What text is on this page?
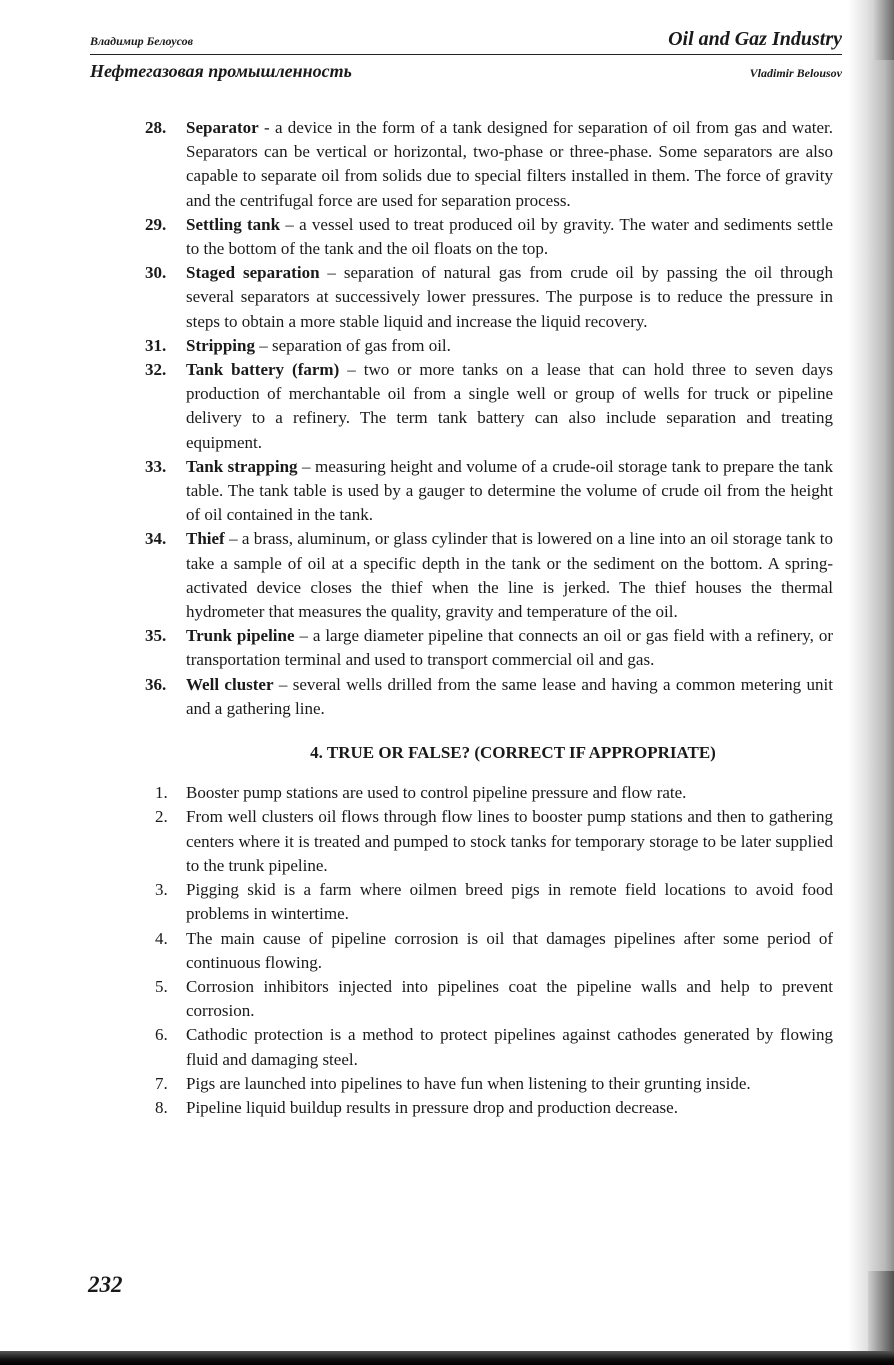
Владимир Белоусов	Oil and Gaz Industry
Нефтегазовая промышленность	Vladimir Belousov
28. Separator - a device in the form of a tank designed for separation of oil from gas and water. Separators can be vertical or horizontal, two-phase or three-phase. Some separators are also capable to separate oil from solids due to special filters installed in them. The force of gravity and the centrifugal force are used for separation process.
29. Settling tank – a vessel used to treat produced oil by gravity. The water and sediments settle to the bottom of the tank and the oil floats on the top.
30. Staged separation – separation of natural gas from crude oil by passing the oil through several separators at successively lower pressures. The purpose is to reduce the pressure in steps to obtain a more stable liquid and increase the liquid recovery.
31. Stripping – separation of gas from oil.
32. Tank battery (farm) – two or more tanks on a lease that can hold three to seven days production of merchantable oil from a single well or group of wells for truck or pipeline delivery to a refinery. The term tank battery can also include separation and treating equipment.
33. Tank strapping – measuring height and volume of a crude-oil storage tank to prepare the tank table. The tank table is used by a gauger to determine the volume of crude oil from the height of oil contained in the tank.
34. Thief – a brass, aluminum, or glass cylinder that is lowered on a line into an oil storage tank to take a sample of oil at a specific depth in the tank or the sediment on the bottom. A spring-activated device closes the thief when the line is jerked. The thief houses the thermal hydrometer that measures the quality, gravity and temperature of the oil.
35. Trunk pipeline – a large diameter pipeline that connects an oil or gas field with a refinery, or transportation terminal and used to transport commercial oil and gas.
36. Well cluster – several wells drilled from the same lease and having a common metering unit and a gathering line.
4. TRUE OR FALSE? (CORRECT IF APPROPRIATE)
1. Booster pump stations are used to control pipeline pressure and flow rate.
2. From well clusters oil flows through flow lines to booster pump stations and then to gathering centers where it is treated and pumped to stock tanks for temporary storage to be later supplied to the trunk pipeline.
3. Pigging skid is a farm where oilmen breed pigs in remote field locations to avoid food problems in wintertime.
4. The main cause of pipeline corrosion is oil that damages pipelines after some period of continuous flowing.
5. Corrosion inhibitors injected into pipelines coat the pipeline walls and help to prevent corrosion.
6. Cathodic protection is a method to protect pipelines against cathodes generated by flowing fluid and damaging steel.
7. Pigs are launched into pipelines to have fun when listening to their grunting inside.
8. Pipeline liquid buildup results in pressure drop and production decrease.
232
